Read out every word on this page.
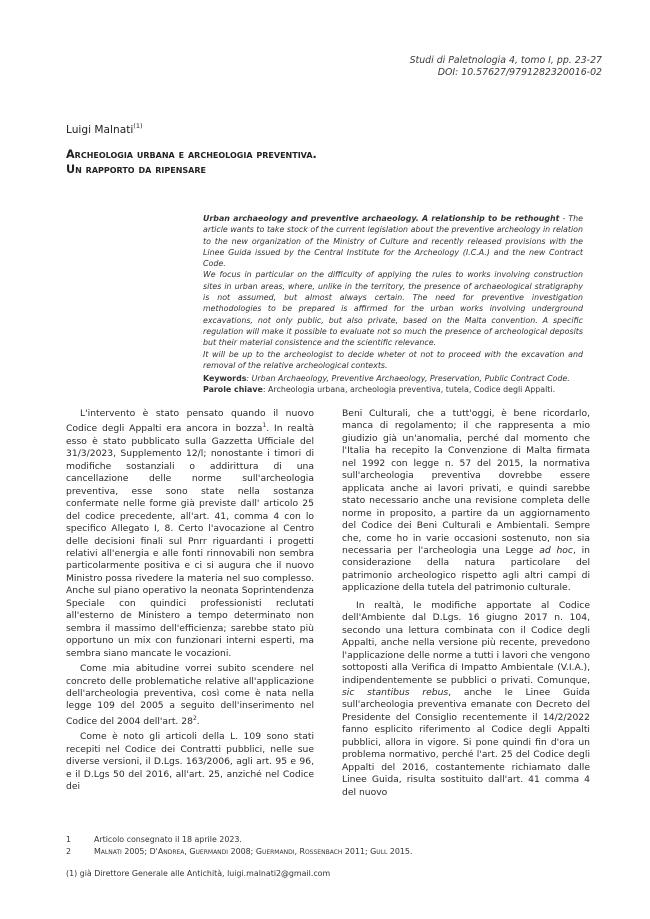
Studi di Paletnologia 4, tomo I, pp. 23-27
DOI: 10.57627/9791282320016-02
Luigi Malnati$^{(1)}$
Archeologia urbana e archeologia preventiva.
Un rapporto da ripensare

Urban archaeology and preventive archaeology. A relationship to be rethought - The article wants to take stock of the current legislation about the preventive archeology in relation to the new organization of the Ministry of Culture and recently released provisions with the Linee Guida issued by the Central Institute for the Archeology (I.C.A.) and the new Contract Code.

We focus in particular on the difficulty of applying the rules to works involving construction sites in urban areas, where, unlike in the territory, the presence of archaeological stratigraphy is not assumed, but almost always certain. The need for preventive investigation methodologies to be prepared is affirmed for the urban works involving underground excavations, not only public, but also private, based on the Malta convention. A specific regulation will make it possible to evaluate not so much the presence of archeological deposits but their material consistence and the scientific relevance.

It will be up to the archeologist to decide wheter ot not to proceed with the excavation and removal of the relative archeological contexts.

Keywords: Urban Archaeology, Preventive Archaeology, Preservation, Public Contract Code.

Parole chiave: Archeologia urbana, archeologia preventiva, tutela, Codice degli Appalti.

L'intervento è stato pensato quando il nuovo Codice degli Appalti era ancora in bozza$^1$. In realtà esso è stato pubblicato sulla Gazzetta Ufficiale del 31/3/2023, Supplemento 12/l; nonostante i timori di modifiche sostanziali o addirittura di una cancellazione delle norme sull'archeologia preventiva, esse sono state nella sostanza confermate nelle forme già previste dall' articolo 25 del codice precedente, all'art. 41, comma 4 con lo specifico Allegato I, 8. Certo l'avocazione al Centro delle decisioni finali sul Pnrr riguardanti i progetti relativi all'energia e alle fonti rinnovabili non sembra particolarmente positiva e ci si augura che il nuovo Ministro possa rivedere la materia nel suo complesso. Anche sul piano operativo la neonata Soprintendenza Speciale con quindici professionisti reclutati all'esterno de Ministero a tempo determinato non sembra il massimo dell'efficienza; sarebbe stato più opportuno un mix con funzionari interni esperti, ma sembra siano mancate le vocazioni.

Come mia abitudine vorrei subito scendere nel concreto delle problematiche relative all'applicazione dell'archeologia preventiva, così come è nata nella legge 109 del 2005 a seguito dell'inserimento nel Codice del 2004 dell'art. 28$^2$.

Come è noto gli articoli della L. 109 sono stati recepiti nel Codice dei Contratti pubblici, nelle sue diverse versioni, il D.Lgs. 163/2006, agli art. 95 e 96, e il D.Lgs 50 del 2016, all'art. 25, anziché nel Codice dei

Beni Culturali, che a tutt'oggi, è bene ricordarlo, manca di regolamento; il che rappresenta a mio giudizio già un'anomalia, perché dal momento che l'Italia ha recepito la Convenzione di Malta firmata nel 1992 con legge n. 57 del 2015, la normativa sull'archeologia preventiva dovrebbe essere applicata anche ai lavori privati, e quindi sarebbe stato necessario anche una revisione completa delle norme in proposito, a partire da un aggiornamento del Codice dei Beni Culturali e Ambientali. Sempre che, come ho in varie occasioni sostenuto, non sia necessaria per l'archeologia una Legge ad hoc, in considerazione della natura particolare del patrimonio archeologico rispetto agli altri campi di applicazione della tutela del patrimonio culturale.

In realtà, le modifiche apportate al Codice dell'Ambiente dal D.Lgs. 16 giugno 2017 n. 104, secondo una lettura combinata con il Codice degli Appalti, anche nella versione più recente, prevedono l'applicazione delle norme a tutti i lavori che vengono sottoposti alla Verifica di Impatto Ambientale (V.I.A.), indipendentemente se pubblici o privati. Comunque, sic stantibus rebus, anche le Linee Guida sull'archeologia preventiva emanate con Decreto del Presidente del Consiglio recentemente il 14/2/2022 fanno esplicito riferimento al Codice degli Appalti pubblici, allora in vigore. Si pone quindi fin d'ora un problema normativo, perché l'art. 25 del Codice degli Appalti del 2016, costantemente richiamato dalle Linee Guida, risulta sostituito dall'art. 41 comma 4 del nuovo

1	Articolo consegnato il 18 aprile 2023.
2	Malnati 2005; D'Andrea, Guermandi 2008; Guermandi, Rossenbach 2011; Gull 2015.
(1) già Direttore Generale alle Antichità, luigi.malnati2@gmail.com
